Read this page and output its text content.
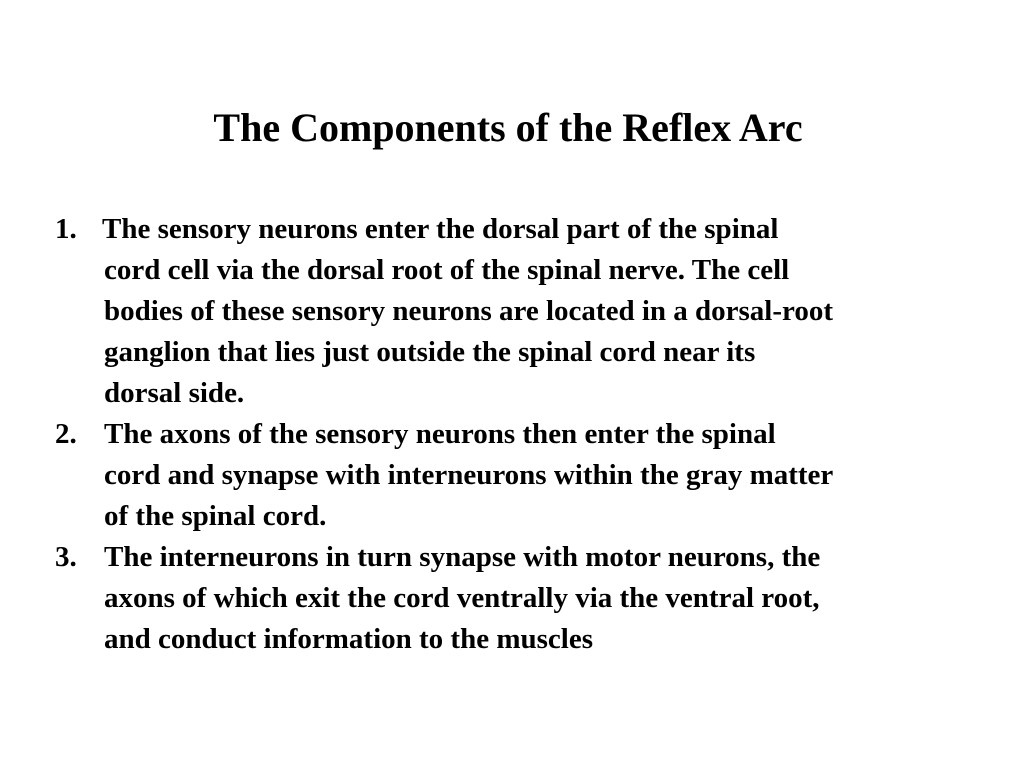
The Components of the Reflex Arc
1. The sensory neurons enter the dorsal part of the spinal
cord cell via the dorsal root of the spinal nerve. The cell
bodies of these sensory neurons are located in a dorsal-root
ganglion that lies just outside the spinal cord near its
dorsal side.
2. The axons of the sensory neurons then enter the spinal
cord and synapse with interneurons within the gray matter
of the spinal cord.
3. The interneurons in turn synapse with motor neurons, the
axons of which exit the cord ventrally via the ventral root,
and conduct information to the muscles
